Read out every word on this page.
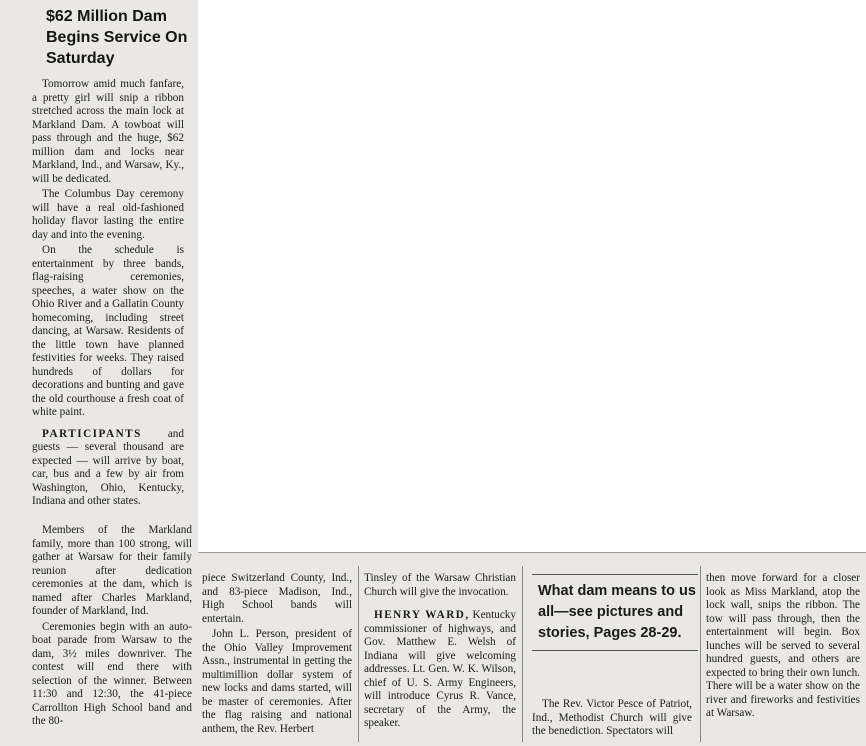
$62 Million Dam Begins Service On Saturday

Tomorrow amid much fanfare, a pretty girl will snip a ribbon stretched across the main lock at Markland Dam. A towboat will pass through and the huge, $62 million dam and locks near Markland, Ind., and Warsaw, Ky., will be dedicated.

The Columbus Day ceremony will have a real old-fashioned holiday flavor lasting the entire day and into the evening.

On the schedule is entertainment by three bands, flag-raising ceremonies, speeches, a water show on the Ohio River and a Gallatin County homecoming, including street dancing, at Warsaw. Residents of the little town have planned festivities for weeks. They raised hundreds of dollars for decorations and bunting and gave the old courthouse a fresh coat of white paint.

PARTICIPANTS and guests — several thousand are expected — will arrive by boat, car, bus and a few by air from Washington, Ohio, Kentucky, Indiana and other states.

piece Switzerland County, Ind., and 83-piece Madison, Ind., High School bands will entertain.

John L. Person, president of the Ohio Valley Improvement Assn., instrumental in getting the multimillion dollar system of new locks and dams started, will be master of ceremonies. After the flag raising and national anthem, the Rev. Herbert

Tinsley of the Warsaw Christian Church will give the invocation.

HENRY WARD, Kentucky commissioner of highways, and Gov. Matthew E. Welsh of Indiana will give welcoming addresses. Lt. Gen. W. K. Wilson, chief of U. S. Army Engineers, will introduce Cyrus R. Vance, secretary of the Army, the speaker.

What dam means to us all—see pictures and stories, Pages 28-29.

The Rev. Victor Pesce of Patriot, Ind., Methodist Church will give the benediction. Spectators will

then move forward for a closer look as Miss Markland, atop the lock wall, snips the ribbon. The tow will pass through, then the entertainment will begin. Box lunches will be served to several hundred guests, and others are expected to bring their own lunch. There will be a water show on the river and fireworks and festivities at Warsaw.

Members of the Markland family, more than 100 strong, will gather at Warsaw for their family reunion after dedication ceremonies at the dam, which is named after Charles Markland, founder of Markland, Ind.

Ceremonies begin with an auto-boat parade from Warsaw to the dam, 3½ miles downriver. The contest will end there with selection of the winner. Between 11:30 and 12:30, the 41-piece Carrollton High School band and the 80-
